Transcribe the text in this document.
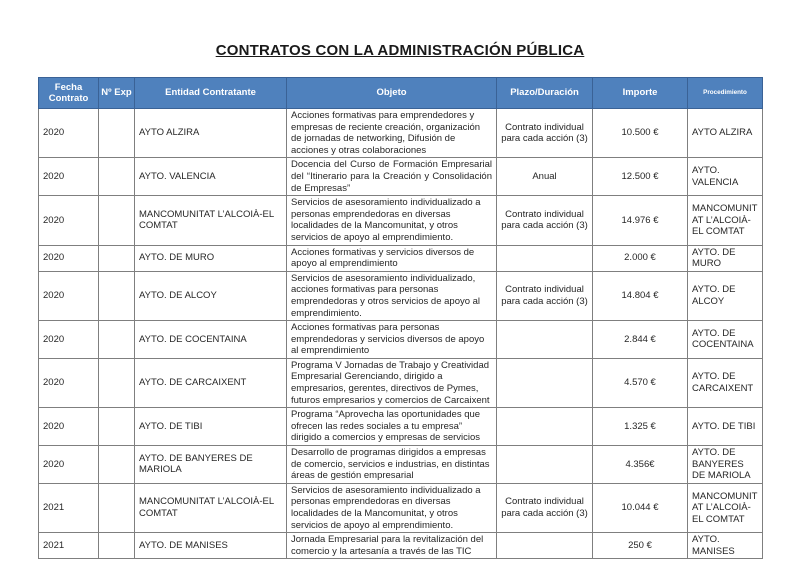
CONTRATOS CON LA ADMINISTRACIÓN PÚBLICA
Fecha Contrato	Nº Exp	Entidad Contratante	Objeto	Plazo/Duración	Importe	Procedimiento
2020		AYTO ALZIRA	Acciones formativas para emprendedores y empresas de reciente creación, organización de jornadas de networking, Difusión de acciones y otras colaboraciones	Contrato individual para cada acción (3)	10.500 €	AYTO ALZIRA
2020		AYTO. VALENCIA	Docencia del Curso de Formación Empresarial del “Itinerario para la Creación y Consolidación de Empresas”	Anual	12.500 €	AYTO. VALENCIA
2020		MANCOMUNITAT L’ALCOIÀ-EL COMTAT	Servicios de asesoramiento individualizado a personas emprendedoras en diversas localidades de la Mancomunitat, y otros servicios de apoyo al emprendimiento.	Contrato individual para cada acción (3)	14.976 €	MANCOMUNITAT L’ALCOIÀ-EL COMTAT
2020		AYTO. DE MURO	Acciones formativas y servicios diversos de apoyo al emprendimiento		2.000 €	AYTO. DE MURO
2020		AYTO. DE ALCOY	Servicios de asesoramiento individualizado, acciones formativas para personas emprendedoras y otros servicios de apoyo al emprendimiento.	Contrato individual para cada acción (3)	14.804 €	AYTO. DE ALCOY
2020		AYTO. DE COCENTAINA	Acciones formativas para personas emprendedoras y servicios diversos de apoyo al emprendimiento		2.844 €	AYTO. DE COCENTAINA
2020		AYTO. DE CARCAIXENT	Programa V Jornadas de Trabajo y Creatividad Empresarial Gerenciando, dirigido a empresarios, gerentes, directivos de Pymes, futuros empresarios y comercios de Carcaixent		4.570 €	AYTO. DE CARCAIXENT
2020		AYTO. DE TIBI	Programa “Aprovecha las oportunidades que ofrecen las redes sociales a tu empresa” dirigido a comercios y empresas de servicios		1.325 €	AYTO. DE TIBI
2020		AYTO. DE BANYERES DE MARIOLA	Desarrollo de programas dirigidos a empresas de comercio, servicios e industrias, en distintas áreas de gestión empresarial		4.356€	AYTO. DE BANYERES DE MARIOLA
2021		MANCOMUNITAT L’ALCOIÀ-EL COMTAT	Servicios de asesoramiento individualizado a personas emprendedoras en diversas localidades de la Mancomunitat, y otros servicios de apoyo al emprendimiento.	Contrato individual para cada acción (3)	10.044 €	MANCOMUNITAT L’ALCOIÀ-EL COMTAT
2021		AYTO. DE MANISES	Jornada Empresarial para la revitalización del comercio y la artesanía a través de las TIC		250 €	AYTO. MANISES
